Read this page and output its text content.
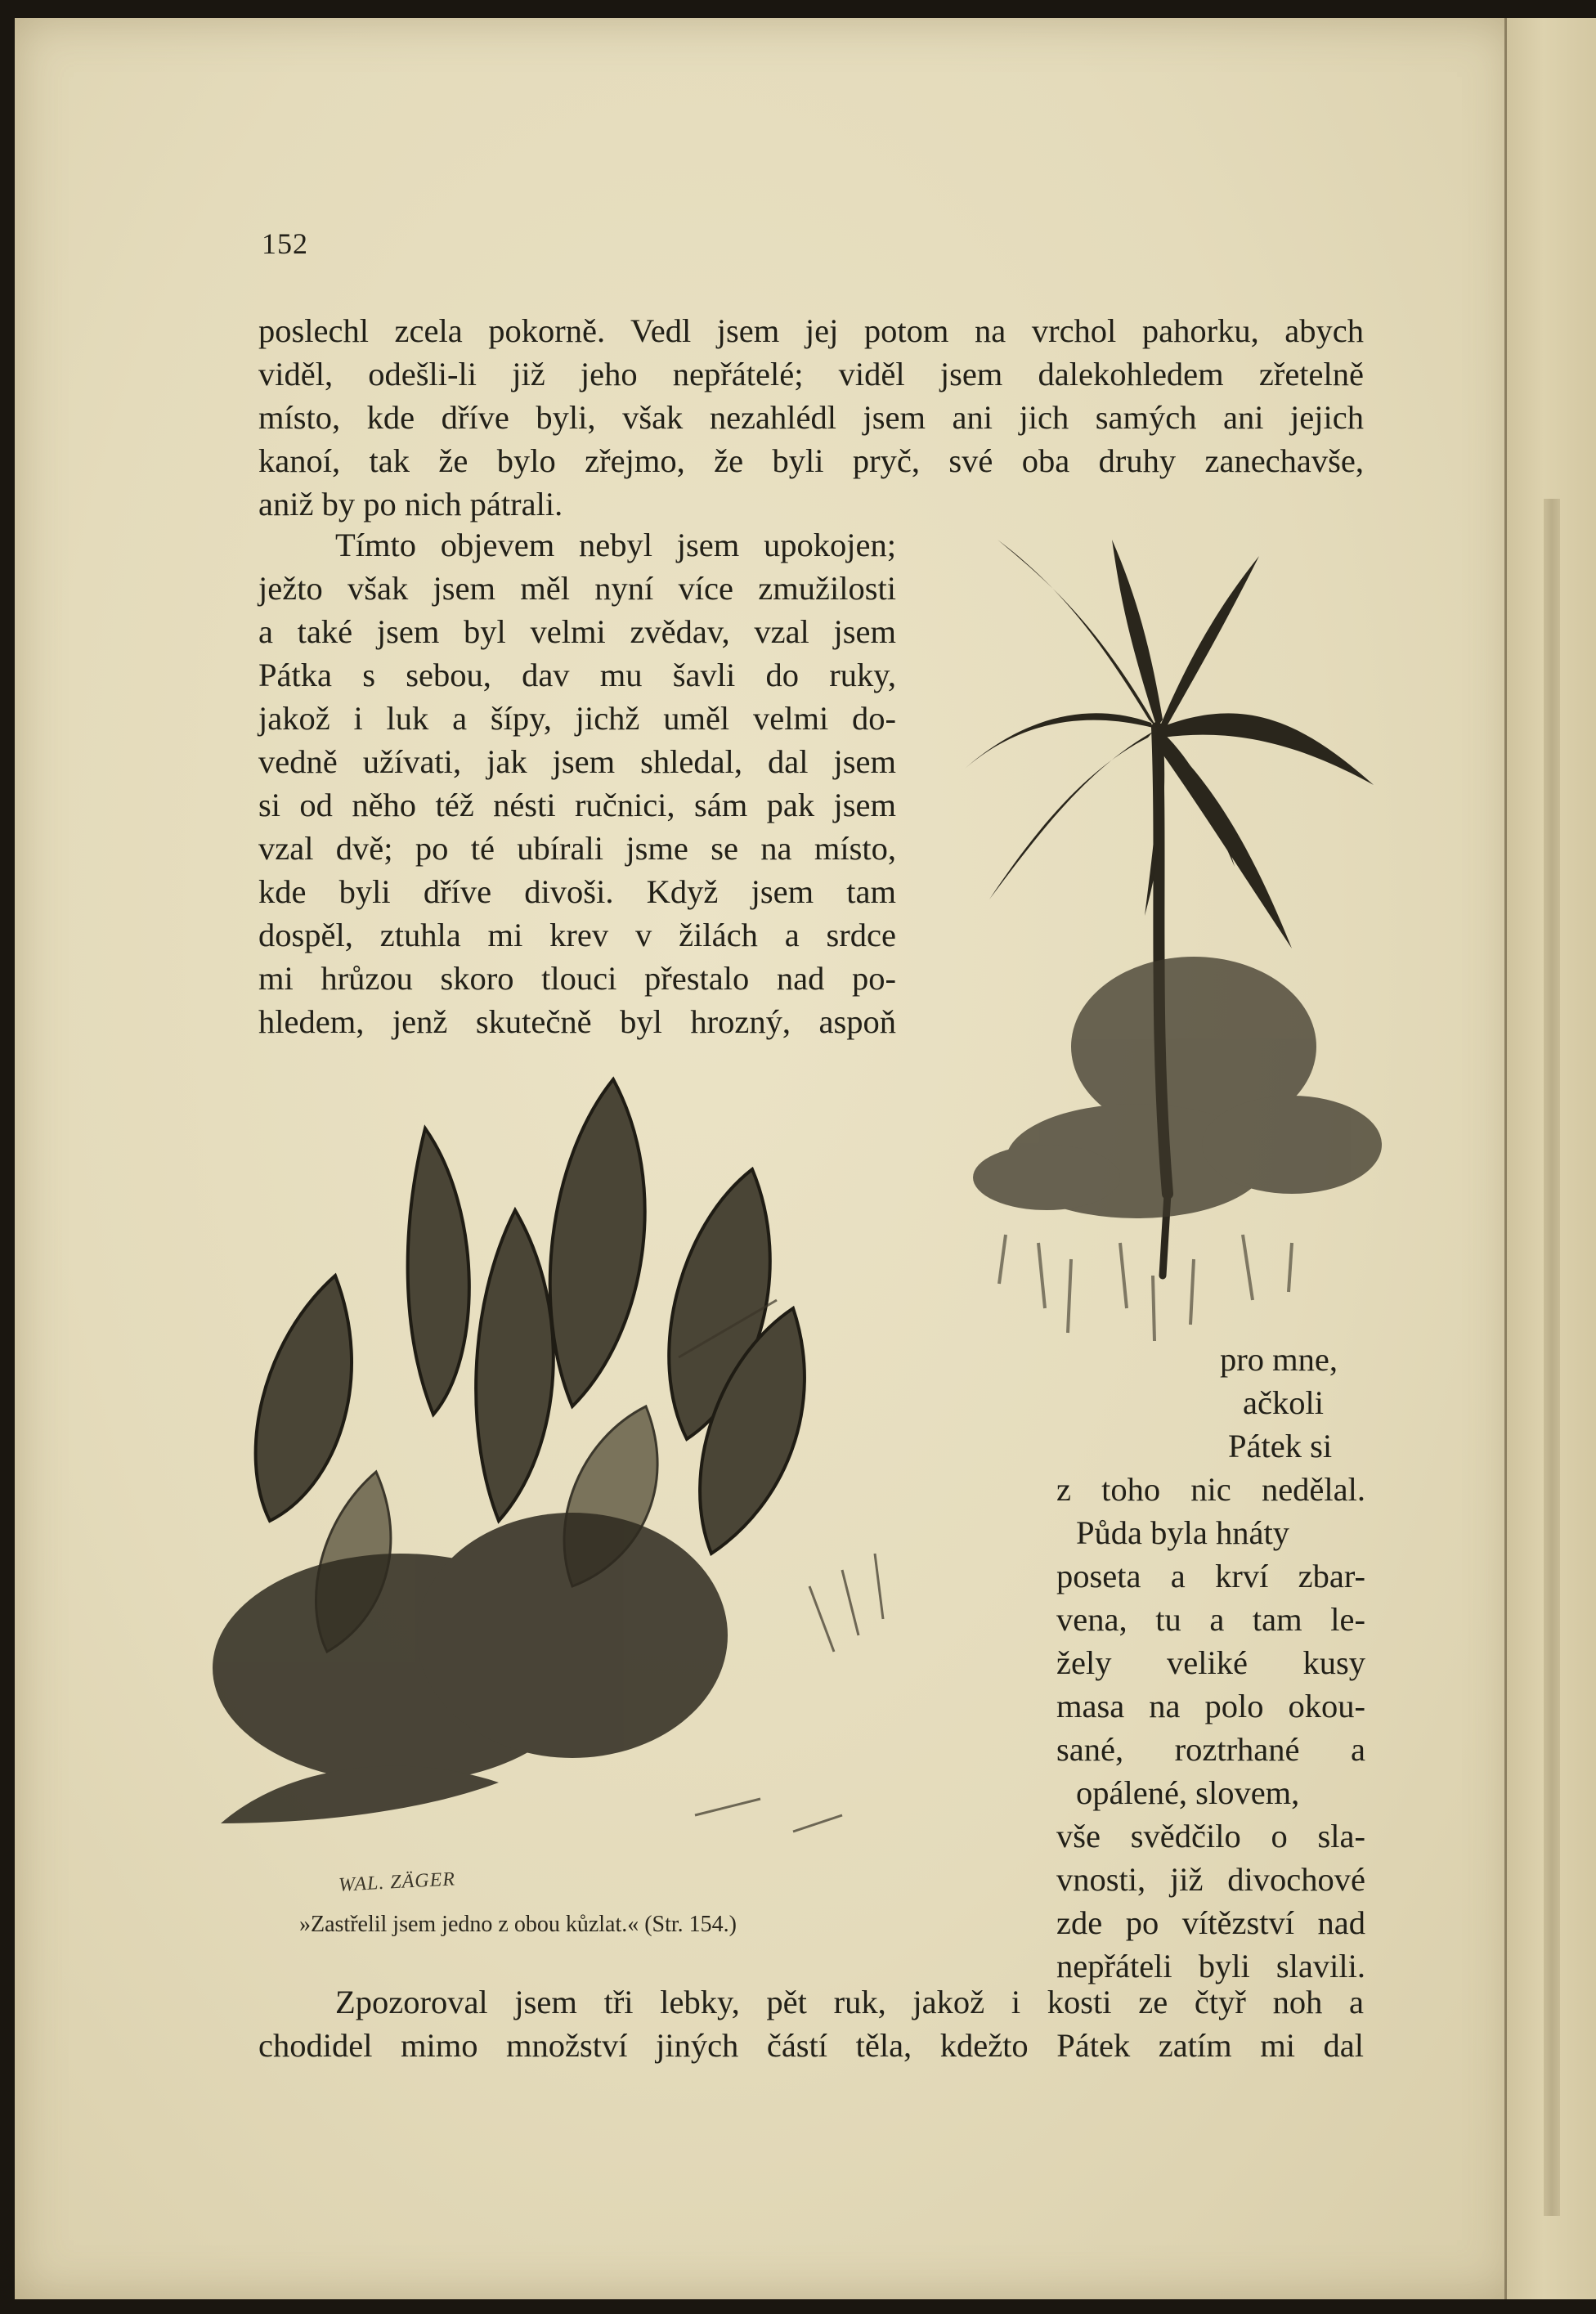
152

WAL. ZÄGER

poslechl zcela pokorně. Vedl jsem jej potom na vrchol pahorku, abych
viděl, odešli-li již jeho nepřátelé; viděl jsem dalekohledem zřetelně
místo, kde dříve byli, však nezahlédl jsem ani jich samých ani jejich
kanoí, tak že bylo zřejmo, že byli pryč, své oba druhy zanechavše,
aniž by po nich pátrali.
Tímto objevem nebyl jsem upokojen;
ježto však jsem měl nyní více zmužilosti
a také jsem byl velmi zvědav, vzal jsem
Pátka s sebou, dav mu šavli do ruky,
jakož i luk a šípy, jichž uměl velmi do-
vedně užívati, jak jsem shledal, dal jsem
si od něho též nésti ručnici, sám pak jsem
vzal dvě; po té ubírali jsme se na místo,
kde byli dříve divoši. Když jsem tam
dospěl, ztuhla mi krev v žilách a srdce
mi hrůzou skoro tlouci přestalo nad po-
hledem, jenž skutečně byl hrozný, aspoň
pro mne,
ačkoli
Pátek si
z toho nic nedělal.
Půda byla hnáty
poseta a krví zbar-
vena, tu a tam le-
žely veliké kusy
masa na polo okou-
sané, roztrhané a
opálené, slovem,
vše svědčilo o sla-
vnosti, již divochové
zde po vítězství nad
nepřáteli byli slavili.

»Zastřelil jsem jedno z obou kůzlat.« (Str. 154.)

Zpozoroval jsem tři lebky, pět ruk, jakož i kosti ze čtyř noh a
chodidel mimo množství jiných částí těla, kdežto Pátek zatím mi dal
